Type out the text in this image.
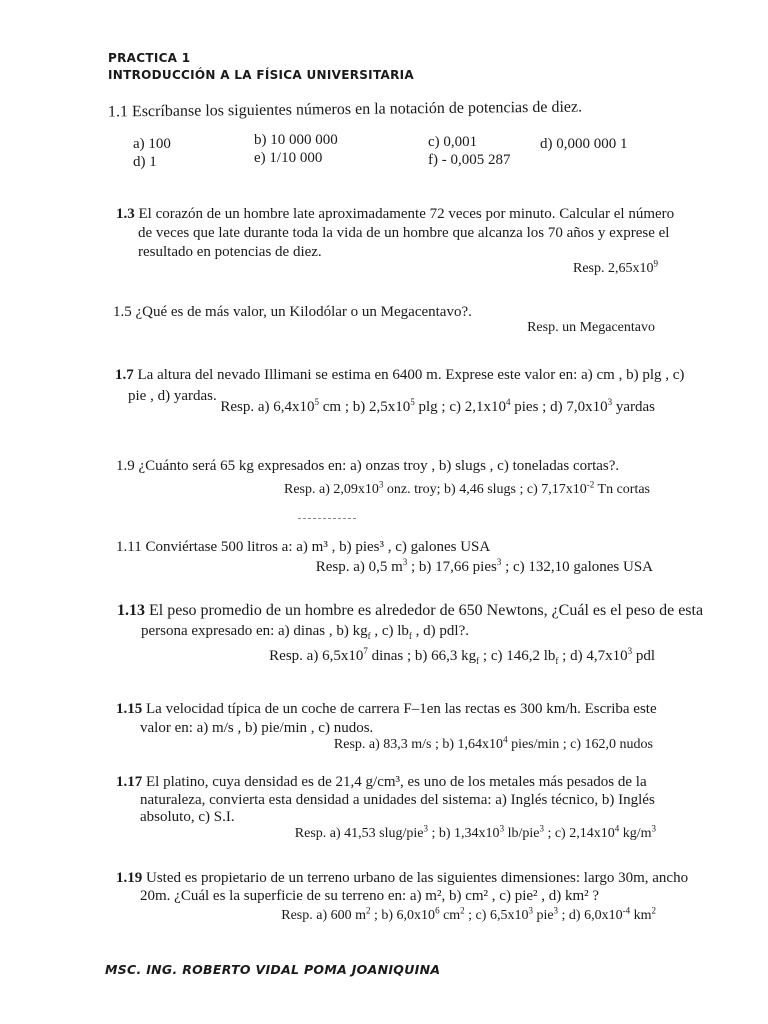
PRACTICA 1
INTRODUCCIÓN A LA FÍSICA UNIVERSITARIA
1.1 Escríbanse los siguientes números en la notación de potencias de diez.
a) 100	b) 10 000 000	c) 0,001	d) 0,000 000 1
d) 1	e) 1/10 000	f) - 0,005 287
1.3 El corazón de un hombre late aproximadamente 72 veces por minuto. Calcular el número
de veces que late durante toda la vida de un hombre que alcanza los 70 años y exprese el
resultado en potencias de diez.
Resp. $2,65x10^9$
1.5 ¿Qué es de más valor, un Kilodólar o un Megacentavo?.
Resp. un Megacentavo
1.7 La altura del nevado Illimani se estima en 6400 m. Exprese este valor en: a) cm , b) plg , c)
pie , d) yardas.
Resp. a) $6,4x10^5$ cm ; b) $2,5x10^5$ plg ; c) $2,1x10^4$ pies ; d) $7,0x10^3$ yardas
1.9 ¿Cuánto será 65 kg expresados en: a) onzas troy , b) slugs , c) toneladas cortas?.
Resp. a) $2,09x10^3$ onz. troy; b) 4,46 slugs ; c) $7,17x10^{-2}$ Tn cortas
1.11 Conviértase 500 litros a: a) m³ , b) pies³ , c) galones USA
Resp. a) 0,5 $m^3$ ; b) 17,66 pies$^3$ ; c) 132,10 galones USA
1.13 El peso promedio de un hombre es alrededor de 650 Newtons, ¿Cuál es el peso de esta
persona expresado en: a) dinas , b) $kg_f$ , c) $lb_f$ , d) pdl?.
Resp. a) $6,5x10^7$ dinas ; b) 66,3 $kg_f$ ; c) 146,2 $lb_f$ ; d) $4,7x10^3$ pdl
1.15 La velocidad típica de un coche de carrera F–1en las rectas es 300 km/h. Escriba este
valor en: a) m/s , b) pie/min , c) nudos.
Resp. a) 83,3 m/s ; b) $1,64x10^4$ pies/min ; c) 162,0 nudos
1.17 El platino, cuya densidad es de 21,4 g/cm³, es uno de los metales más pesados de la
naturaleza, convierta esta densidad a unidades del sistema: a) Inglés técnico, b) Inglés
absoluto, c) S.I.
Resp. a) 41,53 slug/pie$^3$ ; b) $1,34x10^3$ lb/pie$^3$ ; c) $2,14x10^4$ $kg/m^3$
1.19 Usted es propietario de un terreno urbano de las siguientes dimensiones: largo 30m, ancho
20m. ¿Cuál es la superficie de su terreno en: a) m², b) cm² , c) pie² , d) km² ?
Resp. a) 600 $m^2$ ; b) $6,0x10^6$ $cm^2$ ; c) $6,5x10^3$ pie$^3$ ; d) $6,0x10^{-4}$ $km^2$
MSC. ING. ROBERTO VIDAL POMA JOANIQUINA
